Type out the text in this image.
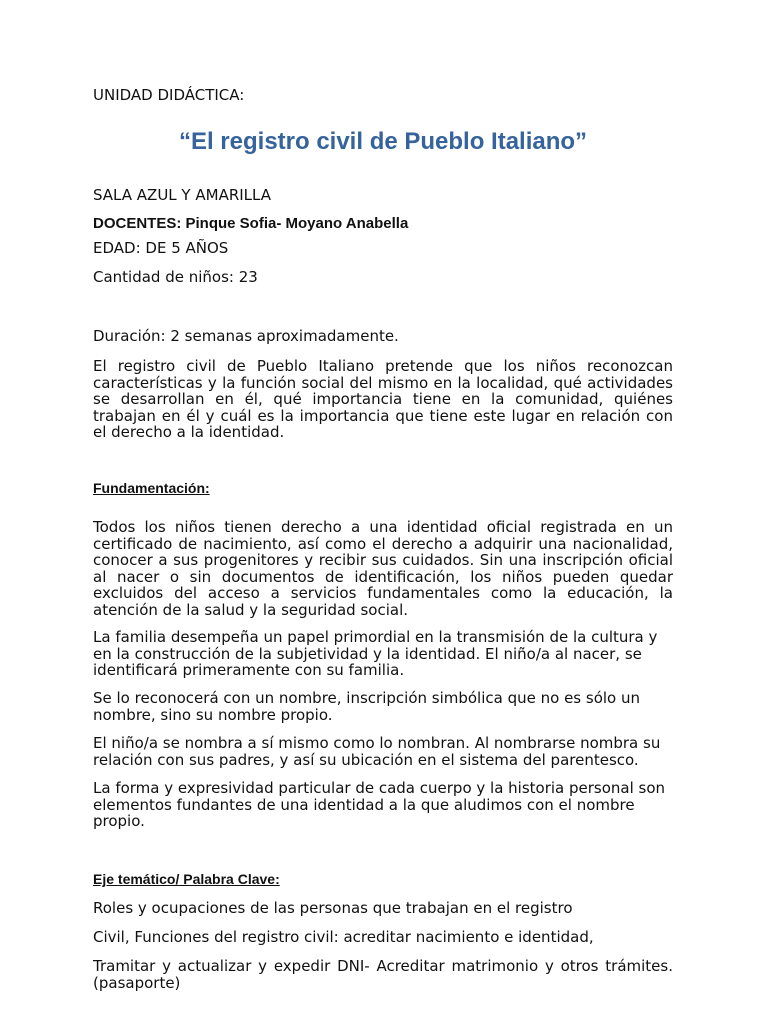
UNIDAD DIDÁCTICA:
“El registro civil de Pueblo Italiano”
SALA AZUL Y AMARILLA
DOCENTES: Pinque Sofia- Moyano Anabella
EDAD: DE 5 AÑOS
Cantidad de niños: 23
Duración: 2 semanas aproximadamente.
El registro civil de Pueblo Italiano pretende que los niños reconozcan características y la función social del mismo en la localidad, qué actividades se desarrollan en él, qué importancia tiene en la comunidad, quiénes trabajan en él y cuál es la importancia que tiene este lugar en relación con el derecho a la identidad.
Fundamentación:
Todos los niños tienen derecho a una identidad oficial registrada en un certificado de nacimiento, así como el derecho a adquirir una nacionalidad, conocer a sus progenitores y recibir sus cuidados. Sin una inscripción oficial al nacer o sin documentos de identificación, los niños pueden quedar excluidos del acceso a servicios fundamentales como la educación, la atención de la salud y la seguridad social.
La familia desempeña un papel primordial en la transmisión de la cultura y en la construcción de la subjetividad y la identidad. El niño/a al nacer, se identificará primeramente con su familia.
Se lo reconocerá con un nombre, inscripción simbólica que no es sólo un nombre, sino su nombre propio.
El niño/a se nombra a sí mismo como lo nombran. Al nombrarse nombra su relación con sus padres, y así su ubicación en el sistema del parentesco.
La forma y expresividad particular de cada cuerpo y la historia personal son elementos fundantes de una identidad a la que aludimos con el nombre propio.
Eje temático/ Palabra Clave:
Roles y ocupaciones de las personas que trabajan en el registro
Civil, Funciones del registro civil: acreditar nacimiento e identidad,
Tramitar y actualizar y expedir DNI- Acreditar matrimonio y otros trámites. (pasaporte)
